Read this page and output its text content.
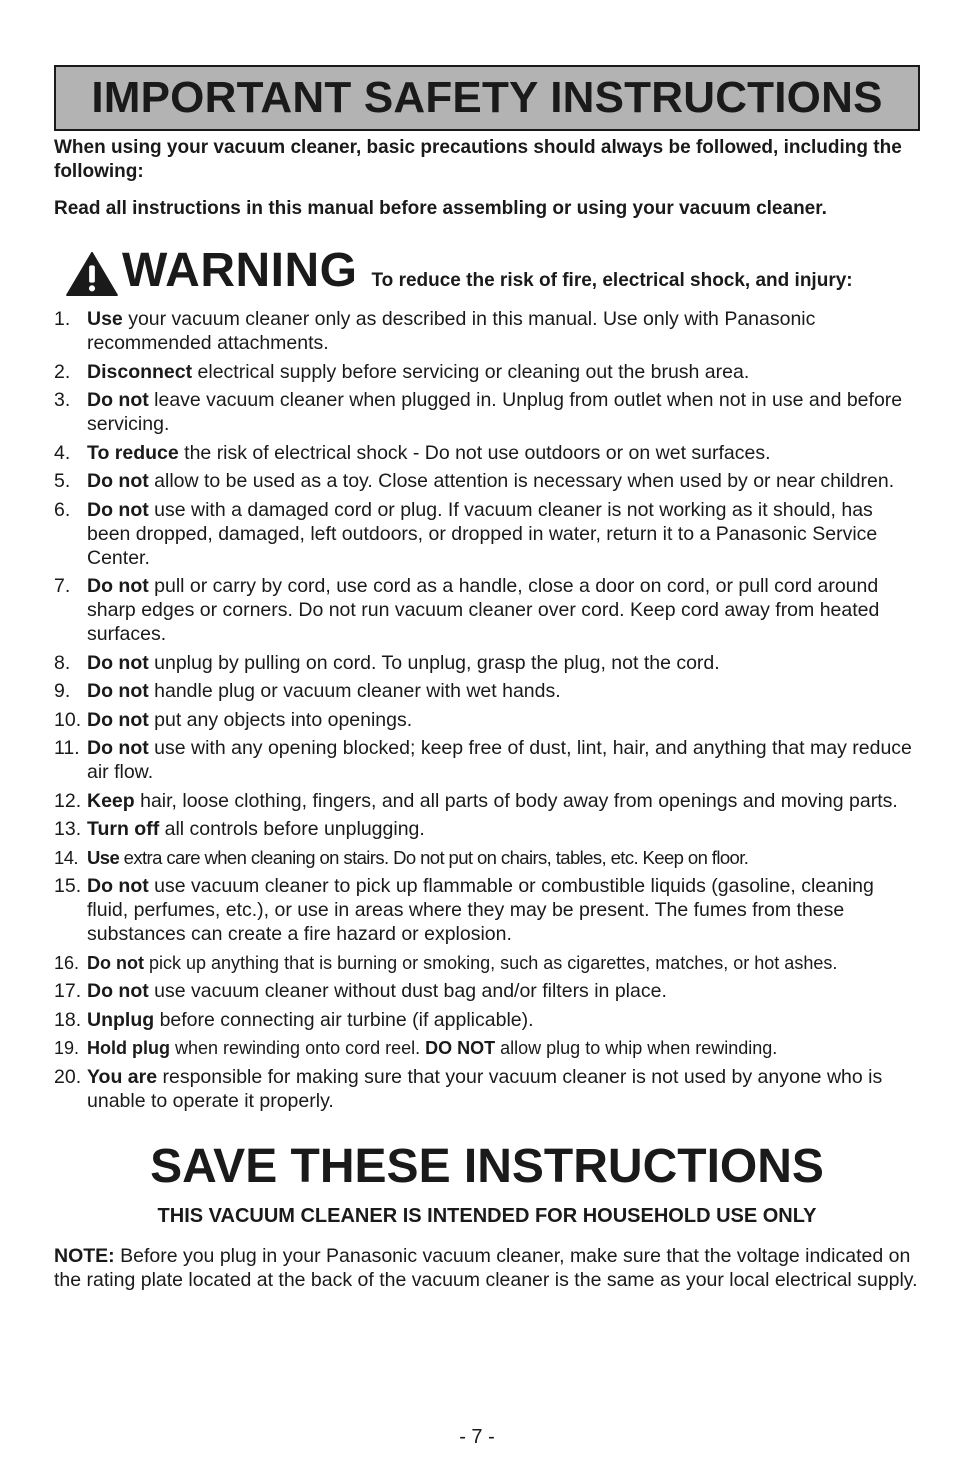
IMPORTANT SAFETY INSTRUCTIONS

When using your vacuum cleaner, basic precautions should always be followed, including the following:

Read all instructions in this manual before assembling or using your vacuum cleaner.

WARNING To reduce the risk of fire, electrical shock, and injury:
1. Use your vacuum cleaner only as described in this manual. Use only with Panasonic recommended attachments.
2. Disconnect electrical supply before servicing or cleaning out the brush area.
3. Do not leave vacuum cleaner when plugged in. Unplug from outlet when not in use and before servicing.
4. To reduce the risk of electrical shock - Do not use outdoors or on wet surfaces.
5. Do not allow to be used as a toy. Close attention is necessary when used by or near children.
6. Do not use with a damaged cord or plug. If vacuum cleaner is not working as it should, has been dropped, damaged, left outdoors, or dropped in water, return it to a Panasonic Service Center.
7. Do not pull or carry by cord, use cord as a handle, close a door on cord, or pull cord around sharp edges or corners. Do not run vacuum cleaner over cord. Keep cord away from heated surfaces.
8. Do not unplug by pulling on cord. To unplug, grasp the plug, not the cord.
9. Do not handle plug or vacuum cleaner with wet hands.
10. Do not put any objects into openings.
11. Do not use with any opening blocked; keep free of dust, lint, hair, and anything that may reduce air flow.
12. Keep hair, loose clothing, fingers, and all parts of body away from openings and moving parts.
13. Turn off all controls before unplugging.
14. Use extra care when cleaning on stairs. Do not put on chairs, tables, etc. Keep on floor.
15. Do not use vacuum cleaner to pick up flammable or combustible liquids (gasoline, cleaning fluid, perfumes, etc.), or use in areas where they may be present. The fumes from these substances can create a fire hazard or explosion.
16. Do not pick up anything that is burning or smoking, such as cigarettes, matches, or hot ashes.
17. Do not use vacuum cleaner without dust bag and/or filters in place.
18. Unplug before connecting air turbine (if applicable).
19. Hold plug when rewinding onto cord reel. DO NOT allow plug to whip when rewinding.
20. You are responsible for making sure that your vacuum cleaner is not used by anyone who is unable to operate it properly.
SAVE THESE INSTRUCTIONS
THIS VACUUM CLEANER IS INTENDED FOR HOUSEHOLD USE ONLY
NOTE: Before you plug in your Panasonic vacuum cleaner, make sure that the voltage indicated on the rating plate located at the back of the vacuum cleaner is the same as your local electrical supply.
- 7 -
